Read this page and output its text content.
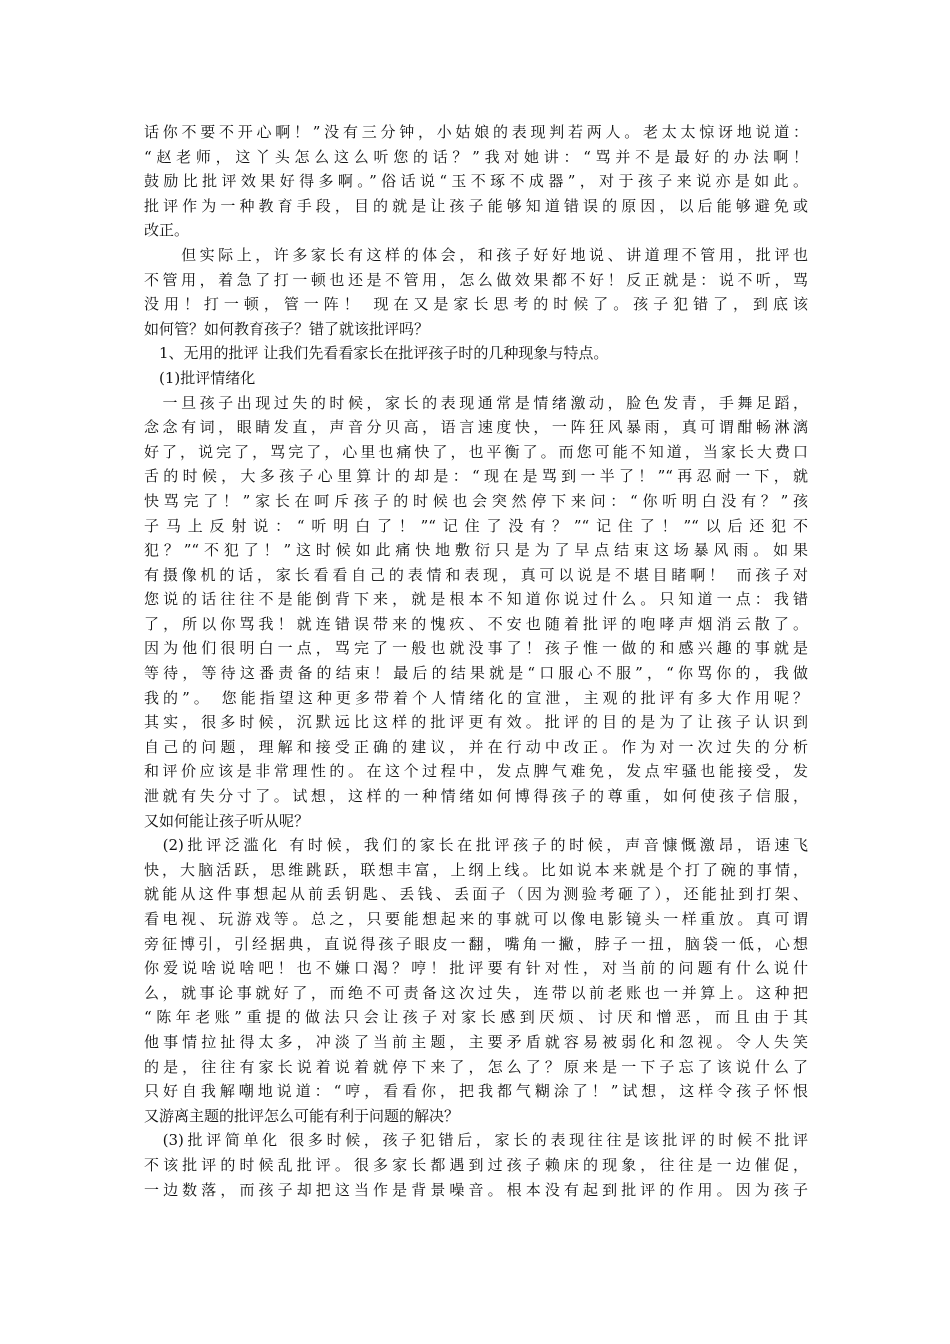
话你不要不开心啊！”没有三分钟，小姑娘的表现判若两人。老太太惊讶地说道：
“赵老师，这丫头怎么这么听您的话？”我对她讲：“骂并不是最好的办法啊！
鼓励比批评效果好得多啊。”俗话说“玉不琢不成器”，对于孩子来说亦是如此。
批评作为一种教育手段，目的就是让孩子能够知道错误的原因，以后能够避免或
改正。
　　但实际上，许多家长有这样的体会，和孩子好好地说、讲道理不管用，批评也
不管用，着急了打一顿也还是不管用，怎么做效果都不好！反正就是：说不听，骂
没用！打一顿，管一阵！ 现在又是家长思考的时候了。孩子犯错了，到底该
如何管？如何教育孩子？错了就该批评吗？
　1、无用的批评 让我们先看看家长在批评孩子时的几种现象与特点。
　(1)批评情绪化
　一旦孩子出现过失的时候，家长的表现通常是情绪激动，脸色发青，手舞足蹈，
念念有词，眼睛发直，声音分贝高，语言速度快，一阵狂风暴雨，真可谓酣畅淋漓
好了，说完了，骂完了，心里也痛快了，也平衡了。而您可能不知道，当家长大费口
舌的时候，大多孩子心里算计的却是：“现在是骂到一半了！”“再忍耐一下，就
快骂完了！”家长在呵斥孩子的时候也会突然停下来问：“你听明白没有？”孩
子马上反射说：“听明白了！”“记住了没有？”“记住了！”“以后还犯不
犯？”“不犯了！”这时候如此痛快地敷衍只是为了早点结束这场暴风雨。如果
有摄像机的话，家长看看自己的表情和表现，真可以说是不堪目睹啊！ 而孩子对
您说的话往往不是能倒背下来，就是根本不知道你说过什么。只知道一点：我错
了，所以你骂我！就连错误带来的愧疚、不安也随着批评的咆哮声烟消云散了。
因为他们很明白一点，骂完了一般也就没事了！孩子惟一做的和感兴趣的事就是
等待，等待这番责备的结束！最后的结果就是“口服心不服”，“你骂你的，我做
我的”。 您能指望这种更多带着个人情绪化的宣泄，主观的批评有多大作用呢？
其实，很多时候，沉默远比这样的批评更有效。批评的目的是为了让孩子认识到
自己的问题，理解和接受正确的建议，并在行动中改正。作为对一次过失的分析
和评价应该是非常理性的。在这个过程中，发点脾气难免，发点牢骚也能接受，发
泄就有失分寸了。试想，这样的一种情绪如何博得孩子的尊重，如何使孩子信服，
又如何能让孩子听从呢？
　(2)批评泛滥化 有时候，我们的家长在批评孩子的时候，声音慷慨激昂，语速飞
快，大脑活跃，思维跳跃，联想丰富，上纲上线。比如说本来就是个打了碗的事情，
就能从这件事想起从前丢钥匙、丢钱、丢面子（因为测验考砸了），还能扯到打架、
看电视、玩游戏等。总之，只要能想起来的事就可以像电影镜头一样重放。真可谓
旁征博引，引经据典，直说得孩子眼皮一翻，嘴角一撇，脖子一扭，脑袋一低，心想
你爱说啥说啥吧！也不嫌口渴？哼！批评要有针对性，对当前的问题有什么说什
么，就事论事就好了，而绝不可责备这次过失，连带以前老账也一并算上。这种把
“陈年老账”重提的做法只会让孩子对家长感到厌烦、讨厌和憎恶，而且由于其
他事情拉扯得太多，冲淡了当前主题，主要矛盾就容易被弱化和忽视。令人失笑
的是，往往有家长说着说着就停下来了，怎么了？原来是一下子忘了该说什么了
只好自我解嘲地说道：“哼，看看你，把我都气糊涂了！”试想，这样令孩子怀恨
又游离主题的批评怎么可能有利于问题的解决？
　(3)批评简单化 很多时候，孩子犯错后，家长的表现往往是该批评的时候不批评
不该批评的时候乱批评。很多家长都遇到过孩子赖床的现象，往往是一边催促，
一边数落，而孩子却把这当作是背景噪音。根本没有起到批评的作用。因为孩子
